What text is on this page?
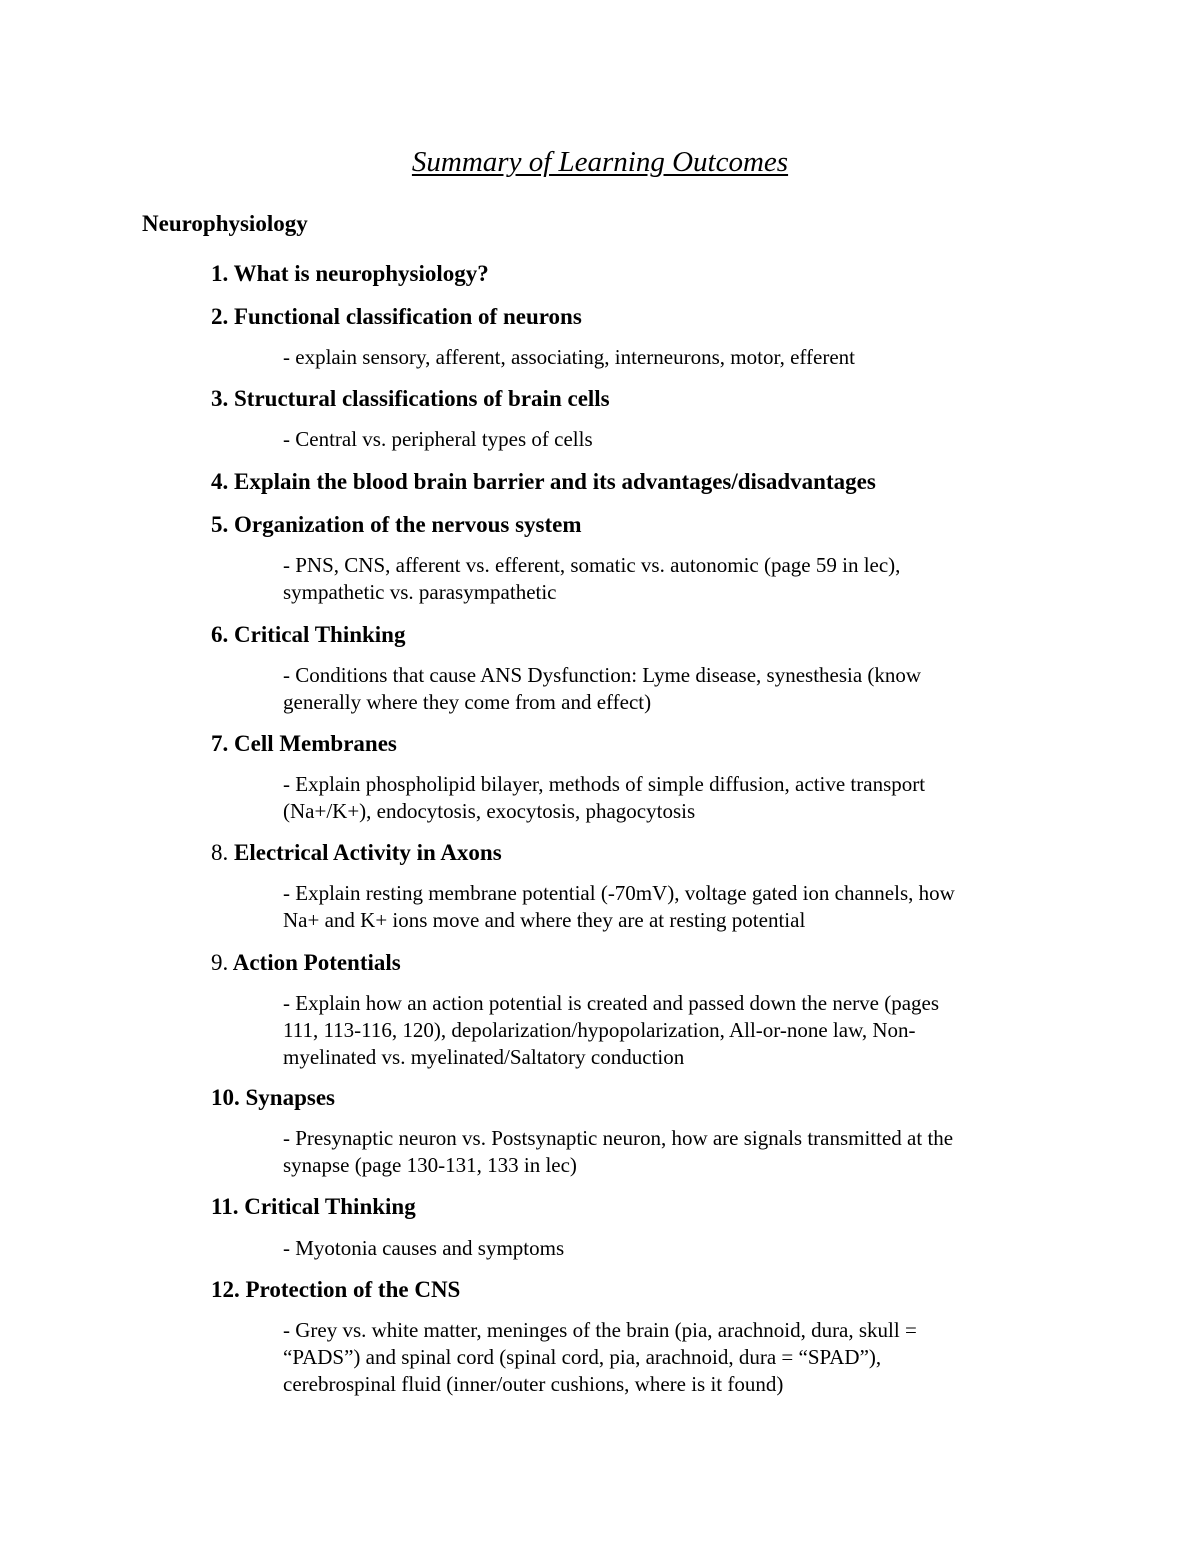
Summary of Learning Outcomes
Neurophysiology
1. What is neurophysiology?
2. Functional classification of neurons
- explain sensory, afferent, associating, interneurons, motor, efferent
3. Structural classifications of brain cells
- Central vs. peripheral types of cells
4. Explain the blood brain barrier and its advantages/disadvantages
5. Organization of the nervous system
- PNS, CNS, afferent vs. efferent, somatic vs. autonomic (page 59 in lec),
sympathetic vs. parasympathetic
6. Critical Thinking
- Conditions that cause ANS Dysfunction: Lyme disease, synesthesia (know
generally where they come from and effect)
7. Cell Membranes
- Explain phospholipid bilayer, methods of simple diffusion, active transport
(Na+/K+), endocytosis, exocytosis, phagocytosis
8. Electrical Activity in Axons
- Explain resting membrane potential (-70mV), voltage gated ion channels, how
Na+ and K+ ions move and where they are at resting potential
9. Action Potentials
- Explain how an action potential is created and passed down the nerve (pages
111, 113-116, 120), depolarization/hypopolarization, All-or-none law, Non-
myelinated vs. myelinated/Saltatory conduction
10. Synapses
- Presynaptic neuron vs. Postsynaptic neuron, how are signals transmitted at the
synapse (page 130-131, 133 in lec)
11. Critical Thinking
- Myotonia causes and symptoms
12. Protection of the CNS
- Grey vs. white matter, meninges of the brain (pia, arachnoid, dura, skull =
“PADS”) and spinal cord (spinal cord, pia, arachnoid, dura = “SPAD”),
cerebrospinal fluid (inner/outer cushions, where is it found)
